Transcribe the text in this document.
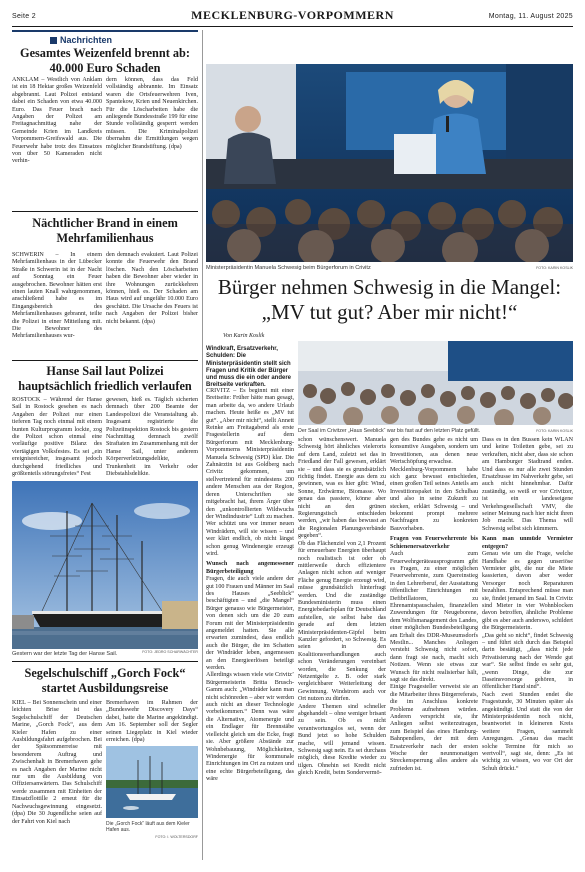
Seite 2	MECKLENBURG-VORPOMMERN	Montag, 11. August 2025
Nachrichten
Gesamtes Weizenfeld brennt ab: 40.000 Euro Schaden
ANKLAM – Westlich von Anklam ist ein 18 Hektar großes Weizenfeld abgebrannt. Laut Polizei entstand dabei ein Schaden von etwa 40.000 Euro. Das Feuer brach nach Angaben der Polizei am Freitagnachmittag nahe der Gemeinde Krien im Landkreis Vorpommern-Greifswald aus. Die Feuerwehr habe trotz des Einsatzes von über 50 Kameraden nicht verhin-
dern können, dass das Feld vollständig abbrannte. Im Einsatz waren die Ortsfeuerwehren Iven, Spantekow, Krien und Neuenkirchen. Für die Löscharbeiten habe die anliegende Bundesstraße 199 für eine Stunde vollständig gesperrt werden müssen. Die Kriminalpolizei übernahm die Ermittlungen wegen möglicher Brandstiftung. (dpa)
Nächtlicher Brand in einem Mehrfamilienhaus
SCHWERIN – In einem Mehrfamilienhaus in der Lübecker Straße in Schwerin ist in der Nacht auf Sonntag ein Feuer ausgebrochen. Bewohner hätten erst einen lauten Knall wahrgenommen, anschließend habe es im Eingangsbereich des Mehrfamilienhauses gebrannt, teilte die Polizei in einer Mitteilung mit. Die Bewohner des Mehrfamilienhauses wur-
den demnach evakuiert. Laut Polizei konnte die Feuerwehr den Brand löschen. Nach den Löscharbeiten haben die Bewohner aber wieder in ihre Wohnungen zurückkehren können, hieß es. Der Schaden am Haus wird auf ungefähr 10.000 Euro geschätzt. Die Ursache des Feuers ist nach Angaben der Polizei bisher nicht bekannt. (dpa)
Hanse Sail laut Polizei hauptsächlich friedlich verlaufen
ROSTOCK – Während der Hanse Sail in Rostock gesehen es nach Angaben der Polizei nur einen tieferen Tag noch einmal mit einem bunten Kulturprogramm lockte, zog die Polizei schon einmal eine vorläufige positive Bilanz des viertägigen Volksfestes. Es sei „ein ereignisreicher, insgesamt jedoch durchgehend friedliches und größtenteils störungsfreies“ Fest
gewesen, hieß es. Täglich sicherten demnach über 200 Beamte der Landespolizei die Veranstaltung ab. Insgesamt registrierte die Polizeiinspektion Rostock bis gestern Nachmittag demnach zwölf Straftaten im Zusammenhang mit der Hanse Sail, unter anderem Körperverletzungsdelikte, Trunkenheit im Verkehr oder Diebstahlsdelikte.
FOTO: JEDRO SCHARWÄCHTER
Gestern war der letzte Tag der Hanse Sail.
Segelschulschiff „Gorch Fock“ startet Ausbildungsreise
KIEL – Bei Sonnenschein und einer leichten Brise ist das Segelschulschiff der Deutschen Marine, „Gorch Fock“, aus dem Kieler Hafen zu einer Ausbildungsfahrt aufgebrochen. Bei der Spätsommerreise mit besonderem Auftrag und Zwischenhalt in Bremerhaven gehe es nach Angaben der Marine nicht nur um die Ausbildung von Offiziersanwärtern. Das Schulschiff werde zusammen mit Einheiten der Einsatzflottille 2 erneut für die Nachwuchsgewinnung eingesetzt. (dpa) Die 30 Jugendliche seien auf der Fahrt von Kiel nach
Bremerhaven im Rahmen der „Bundeswehr Discovery Days“ dabei, hatte die Marine angekündigt. Am 16. September soll der Segler seinen Liegeplatz in Kiel wieder erreichen. (dpa)
Die „Gorch Fock“ läuft aus dem Kieler Hafen aus.
FOTO: I. WOLTERSDORF
Ministerpräsidentin Manuela Schwesig beim Bürgerforum in Crivitz	FOTO: KARIN KOSLIK
Bürger nehmen Schwesig in die Mangel: „MV tut gut? Aber mir nicht!“
Von Karin Koslik
Windkraft, Ersatzverkehr, Schulden: Die Ministerpräsidentin stellt sich Fragen und Kritik der Bürger und muss die ein oder andere Breitseite verkraften.
Der Saal im Crivitzer „Haus Seeblick“ war bis fast auf den letzten Platz gefüllt.	FOTO: KARIN KOSLIK
CRIVITZ – Es beginnt mit einer Breitseite: Früher hätte man gesagt, man arbeite da, wo andere Urlaub machen. Heute heiße es „MV tut gut“. „Aber mir nicht“, stellt Annett Reinke am Freitagabend als erste Fragestellerin auf dem Bürgerforum mit Mecklenburg-Vorpommerns Ministerpräsidentin Manuela Schwesig (SPD) klar. Die Zahnärztin ist aus Goldberg nach Crivitz gekommen, um stellvertretend für mindestens 200 andere Menschen aus der Region, deren Unterschriften sie mitgebracht hat, ihrem Ärger über den „unkontrollierten Wildwuchs der Windindustrie“ Luft zu machen. Wer schützt uns vor immer neuen Windrädern, will sie wissen – und wer klärt endlich, ob nicht längst schon genug Windenergie erzeugt wird.
Wunsch nach angemessener Bürgerbeteiligung
Fragen, die auch viele andere der gut 100 Frauen und Männer im Saal des Hauses „Seeblick“ beschäftigten – und „die Mangel“ Bürger genauso wie Bürgermeister, von denen sich um die 20 zum Forum mit der Ministerpräsidentin angemeldet hatten. Sie alle erwarten zumindest, dass endlich auch die Bürger, die im Schatten der Windräder leben, angemessen an den Energieerlösen beteiligt werden.
Allerdings wissen viele wie Crivitz’ Bürgermeisterin Britta Brusch-Gamm auch: „Windräder kann man nicht schönreden – aber wir werden auch nicht an dieser Technologie vorbeikommen.“ Denn was wäre die Alternative, Atomenergie und ein Endlager für Brennstäbe vielleicht gleich um die Ecke, fragt sie. Aber größere Abstände zur Wohnbebauung, Möglichkeiten, Windenergie für kommunale Einrichtungen im Ort zu nutzen und eine echte Bürgerbeteiligung, das wäre
schon wünschenswert. Manuela Schwesig hört ähnliches vielerorts auf dem Land, zuletzt sei das in Friedland der Fall gewesen, erklärt sie – und dass sie es grundsätzlich richtig findet. Energie aus dem zu gewinnen, was es hier gibt: Wind, Sonne, Erdwärme, Biomasse. Wo genau das passiere, könne aber nicht an den grünen Regierungstisch entschieden werden, „wir haben das bewusst an die Regionalen Planungsverbände gegeben“.
Ob das Flächenziel von 2,1 Prozent für erneuerbare Energien überhaupt noch realistisch ist oder ob mittlerweile durch effizientere Anlagen nicht schon auf weniger Fläche genug Energie erzeugt wird, müsse grundsätzlich hinterfragt werden. Und die zuständige Bundesministerin muss einen Energiebedarfsplan für Deutschland aufstellen, sie selbst habe das gerade auf dem letzten Ministerpräsidenten-Gipfel beim Kanzler gefordert, so Schwesig. Es seien in den Koalitionsverhandlungen auch schon Veränderungen vereinbart worden, die Senkung der Netzentgelte z. B. oder stark vergleichbarer Weiterleitung der Gewinnung. Windstrom auch vor Ort nutzen zu dürfen.
Andere Themen sind schneller abgehandelt – ohne weniger brisant zu sein. Ob es nicht verantwortungslos sei, wenn der Bund jetzt so hohe Schulden mache, will jemand wissen. Schwesig sagt nein. Es sei durchaus möglich, diese Kredite wieder zu tilgen. Ohnehin sei Kredit nicht gleich Kredit, beim Sondervermö-
gen des Bundes gehe es nicht um konsumtive Ausgaben, sondern um Investitionen, aus denen neue Wertschöpfung erwachse.
Mecklenburg-Vorpommern habe sich ganz bewusst entschieden, einen großen Teil seines Anteils am Investitionspaket in den Schulbau und also in seine Zukunft zu stecken, erklärt Schwesig – und bekommt prompt mehrere Nachfragen zu konkreten Bauvorhaben.
Fragen von Feuerwehrrente bis Schienenersatzverkehr
Auch zum Feuerwehrgeräteausprogramm gibt es Fragen, zu einer möglichen Feuerwehrrente, zum Quereinstieg in den Lehrerberuf, der Ausstattung öffentlicher Einrichtungen mit Defibrillatoren, zu Ehrenamtspauschalen, finanziellen Zuwendungen für Neugeborene, dem Wolfsmanagement des Landes, einer möglichen Bundesbeteiligung am Erhalt des DDR-Museumsdorfs Mestlin... Manches Anliegen versteht Schwesig nicht sofort, dann fragt sie nach, macht sich Notizen. Wenn sie etwas zur Wunsch für nicht realisierbar hält, sagt sie das direkt.
Einige Fragesteller verweist sie an die Mitarbeiter ihres Bürgerreferats, die im Anschluss konkrete Probleme aufnehmen würden. Anderen verspricht sie, ihr Anliegen selbst weiterzutragen, zum Beispiel das eines Hamburg-Bahnpendlers, der mit dem Ersatzverkehr nach der ersten Woche der neunmonatigen Streckensperrung alles andere als zufrieden ist.
Dass es in den Bussen kein WLAN und keine Toiletten gebe, sei zu verkraften, nicht aber, dass sie schon am Hamburger Stadtrand enden. Und dass es nur alle zwei Stunden Ersatzbusse im Nahverkehr gebe, sei auch nicht hinnehmbar. Dafür zuständig, so weiß er vor Crivitzer, ist ein landeseigene Verkehrsgesellschaft VMV, die seiner Meinung nach hier nicht ihren Job macht. Das Thema will Schwesig selbst sich kümmern.
Kann man unmüde Vermieter entgegen?
Genau wie um die Frage, welche Handhabe es gegen unseriöse Vermieter gibt, die nur die Miete kassierten, davon aber weder Versorger noch Reparaturen bezahlten. Entsprechend müsse man sie, findet jemand im Saal. In Crivitz sind Mieter in vier Wohnblocken davon betroffen, ähnliche Probleme gibt es aber auch anderswo, schildert die Bürgermeisterin.
„Das geht so nicht“, findet Schwesig – und führt sich durch das Beispiel darin bestätigt, „dass nicht jede Privatisierung nach der Wende gut war“. Sie selbst finde es sehr gut, „wenn Dinge, die zur Daseinsvorsorge gehören, in öffentlicher Hand sind“.
Nach zwei Stunden endet die Fragestunde, 30 Minuten später als angekündigt. Und statt die von der Ministerpräsidentin noch nicht, beantwortet in kleineren Kreis weitere Fragen, sammelt Anregungen. „Genau das macht solche Termine für mich so wertvoll“, sagt sie, denn: „Es ist wichtig zu wissen, wo vor Ort der Schuh drückt.“
